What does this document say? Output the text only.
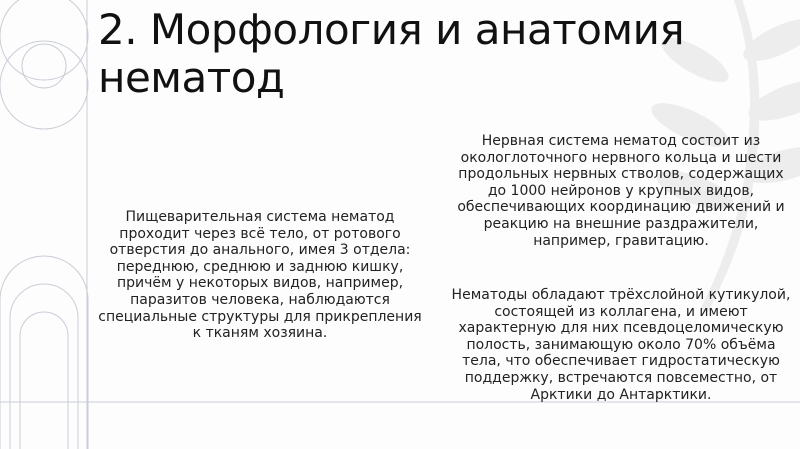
2. Морфология и анатомия нематод

Пищеварительная система нематод проходит через всё тело, от ротового отверстия до анального, имея 3 отдела: переднюю, среднюю и заднюю кишку, причём у некоторых видов, например, паразитов человека, наблюдаются специальные структуры для прикрепления к тканям хозяина.

Нервная система нематод состоит из окологлоточного нервного кольца и шести продольных нервных стволов, содержащих до 1000 нейронов у крупных видов, обеспечивающих координацию движений и реакцию на внешние раздражители, например, гравитацию.

Нематоды обладают трёхслойной кутикулой, состоящей из коллагена, и имеют характерную для них псевдоцеломическую полость, занимающую около 70% объёма тела, что обеспечивает гидростатическую поддержку, встречаются повсеместно, от Арктики до Антарктики.
